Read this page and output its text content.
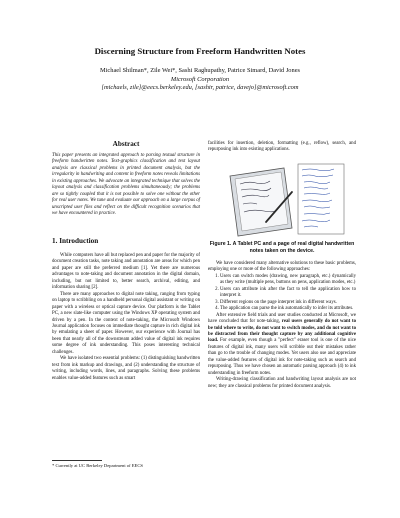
Discerning Structure from Freeform Handwritten Notes
Michael Shilman*, Zile Wei*, Sashi Raghupathy, Patrice Simard, David Jones
Microsoft Corporation
[michaels, zile]@eecs.berkeley.edu, [sashir, patrice, davejo]@microsoft.com
Abstract
This paper presents an integrated approach to parsing textual structure in freeform handwritten notes. Text-graphics classification and text layout analysis are classical problems in printed document analysis, but the irregularity in handwriting and content in freeform notes reveals limitations in existing approaches. We advocate an integrated technique that solves the layout analysis and classification problems simultaneously; the problems are so tightly coupled that it is not possible to solve one without the other for real user notes. We tune and evaluate our approach on a large corpus of unscripted user files and reflect on the difficult recognition scenarios that we have encountered in practice.
1. Introduction

While computers have all but replaced pen and paper for the majority of document creation tasks, note taking and annotation are areas for which pen and paper are still the preferred medium [1]. Yet there are numerous advantages to note-taking and document annotation in the digital domain, including, but not limited to, better search, archival, editing, and information sharing [2].

There are many approaches to digital note taking, ranging from typing on laptop to scribbling on a handheld personal digital assistant or writing on paper with a wireless or optical capture device. Our platform is the Tablet PC, a new slate-like computer using the Windows XP operating system and driven by a pen. In the context of note-taking, the Microsoft Windows Journal application focuses on immediate thought capture in rich digital ink by emulating a sheet of paper. However, our experience with Journal has been that nearly all of the downstream added value of digital ink requires some degree of ink understanding. This poses interesting technical challenges.

We have isolated two essential problems: (1) distinguishing handwritten text from ink markup and drawings, and (2) understanding the structure of writing, including words, lines, and paragraphs. Solving these problems enables value-added features such as smart

facilities for insertion, deletion, formatting (e.g., reflow), search, and repurposing ink into existing applications.
Figure 1. A Tablet PC and a page of real digital handwritten notes taken on the device.

We have considered many alternative solutions to these basic problems, employing one or more of the following approaches:

1. Users can switch modes (drawing, new paragraph, etc.) dynamically as they write (multiple pens, buttons on pens, application modes, etc.)
2. Users can attribute ink after the fact to tell the application how to interpret it.
3. Different regions on the page interpret ink in different ways.
4. The application can parse the ink automatically to infer its attributes.

After extensive field trials and user studies conducted at Microsoft, we have concluded that for note-taking, real users generally do not want to be told where to write, do not want to switch modes, and do not want to be distracted from their thought capture by any additional cognitive load. For example, even though a "perfect" eraser tool is one of the nice features of digital ink, many users will scribble out their mistakes rather than go to the trouble of changing modes. Yet users also use and appreciate the value-added features of digital ink for note-taking such as search and repurposing. Thus we have chosen an automatic parsing approach (4) to ink understanding in freeform notes.

Writing-drawing classification and handwriting layout analysis are not new; they are classical problems for printed document analysis.

* Currently at UC Berkeley Department of EECS
